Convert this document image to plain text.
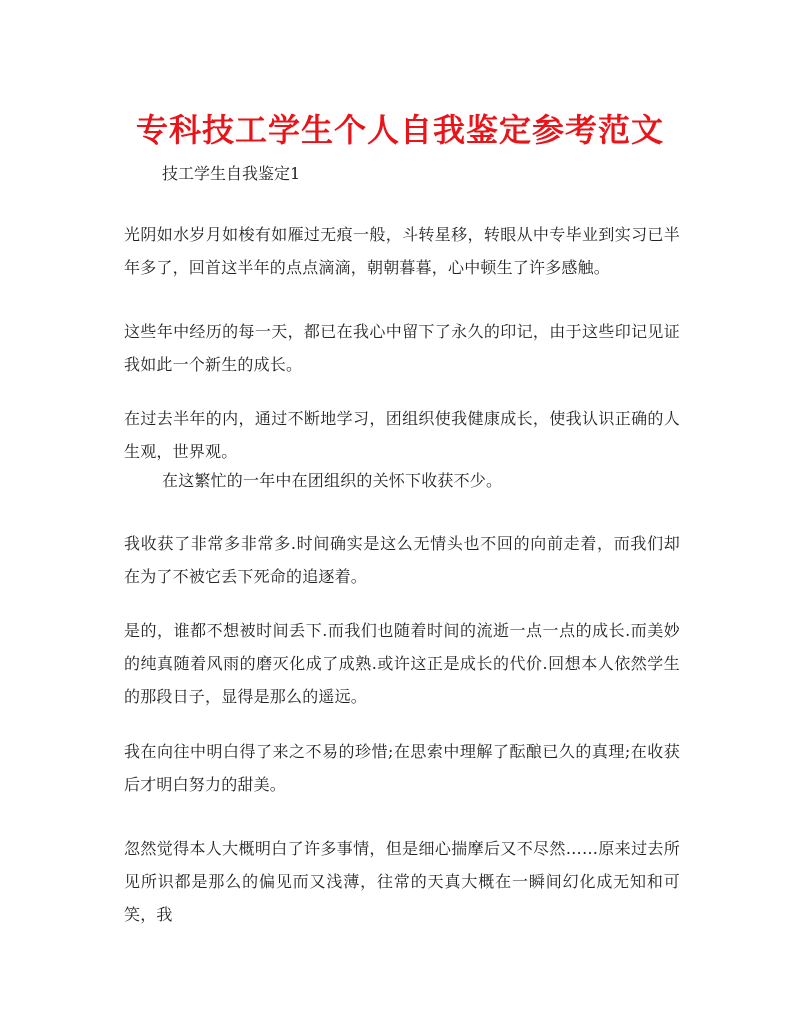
专科技工学生个人自我鉴定参考范文
技工学生自我鉴定1
光阴如水岁月如梭有如雁过无痕一般，斗转星移，转眼从中专毕业到实习已半年多了，回首这半年的点点滴滴，朝朝暮暮，心中顿生了许多感触。
这些年中经历的每一天，都已在我心中留下了永久的印记，由于这些印记见证我如此一个新生的成长。
在过去半年的内，通过不断地学习，团组织使我健康成长，使我认识正确的人生观，世界观。
在这繁忙的一年中在团组织的关怀下收获不少。
我收获了非常多非常多.时间确实是这么无情头也不回的向前走着，而我们却在为了不被它丢下死命的追逐着。
是的，谁都不想被时间丢下.而我们也随着时间的流逝一点一点的成长.而美妙的纯真随着风雨的磨灭化成了成熟.或许这正是成长的代价.回想本人依然学生的那段日子，显得是那么的遥远。
我在向往中明白得了来之不易的珍惜;在思索中理解了酝酿已久的真理;在收获后才明白努力的甜美。
忽然觉得本人大概明白了许多事情，但是细心揣摩后又不尽然……原来过去所见所识都是那么的偏见而又浅薄，往常的天真大概在一瞬间幻化成无知和可笑，我
